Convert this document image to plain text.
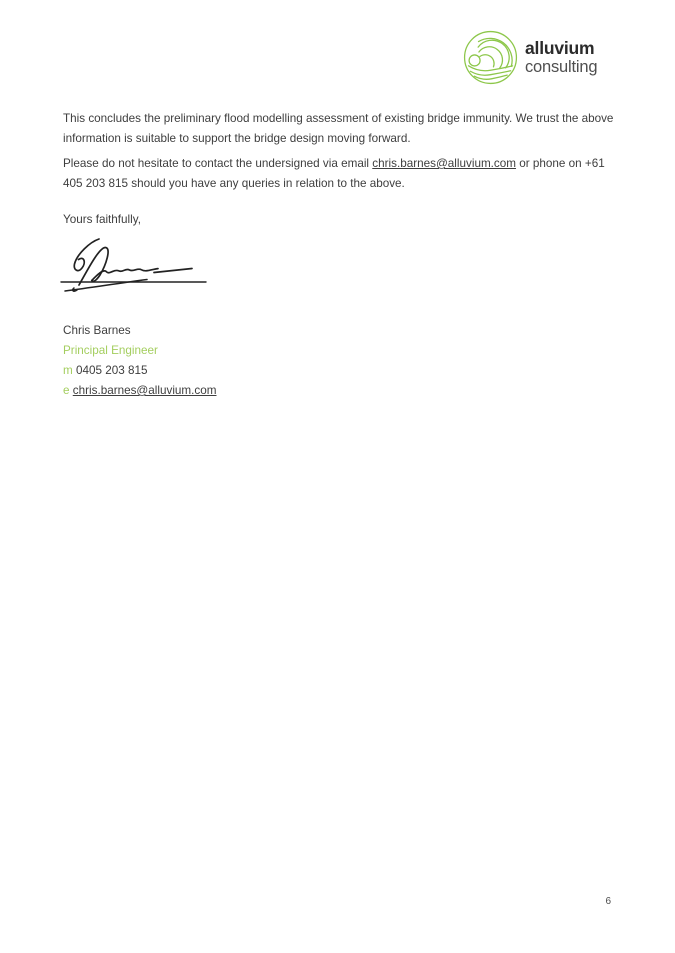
alluvium
consulting

This concludes the preliminary flood modelling assessment of existing bridge immunity. We trust the above information is suitable to support the bridge design moving forward.

Please do not hesitate to contact the undersigned via email chris.barnes@alluvium.com or phone on +61 405 203 815 should you have any queries in relation to the above.

Yours faithfully,

Chris Barnes
Principal Engineer
m 0405 203 815
e chris.barnes@alluvium.com
6
